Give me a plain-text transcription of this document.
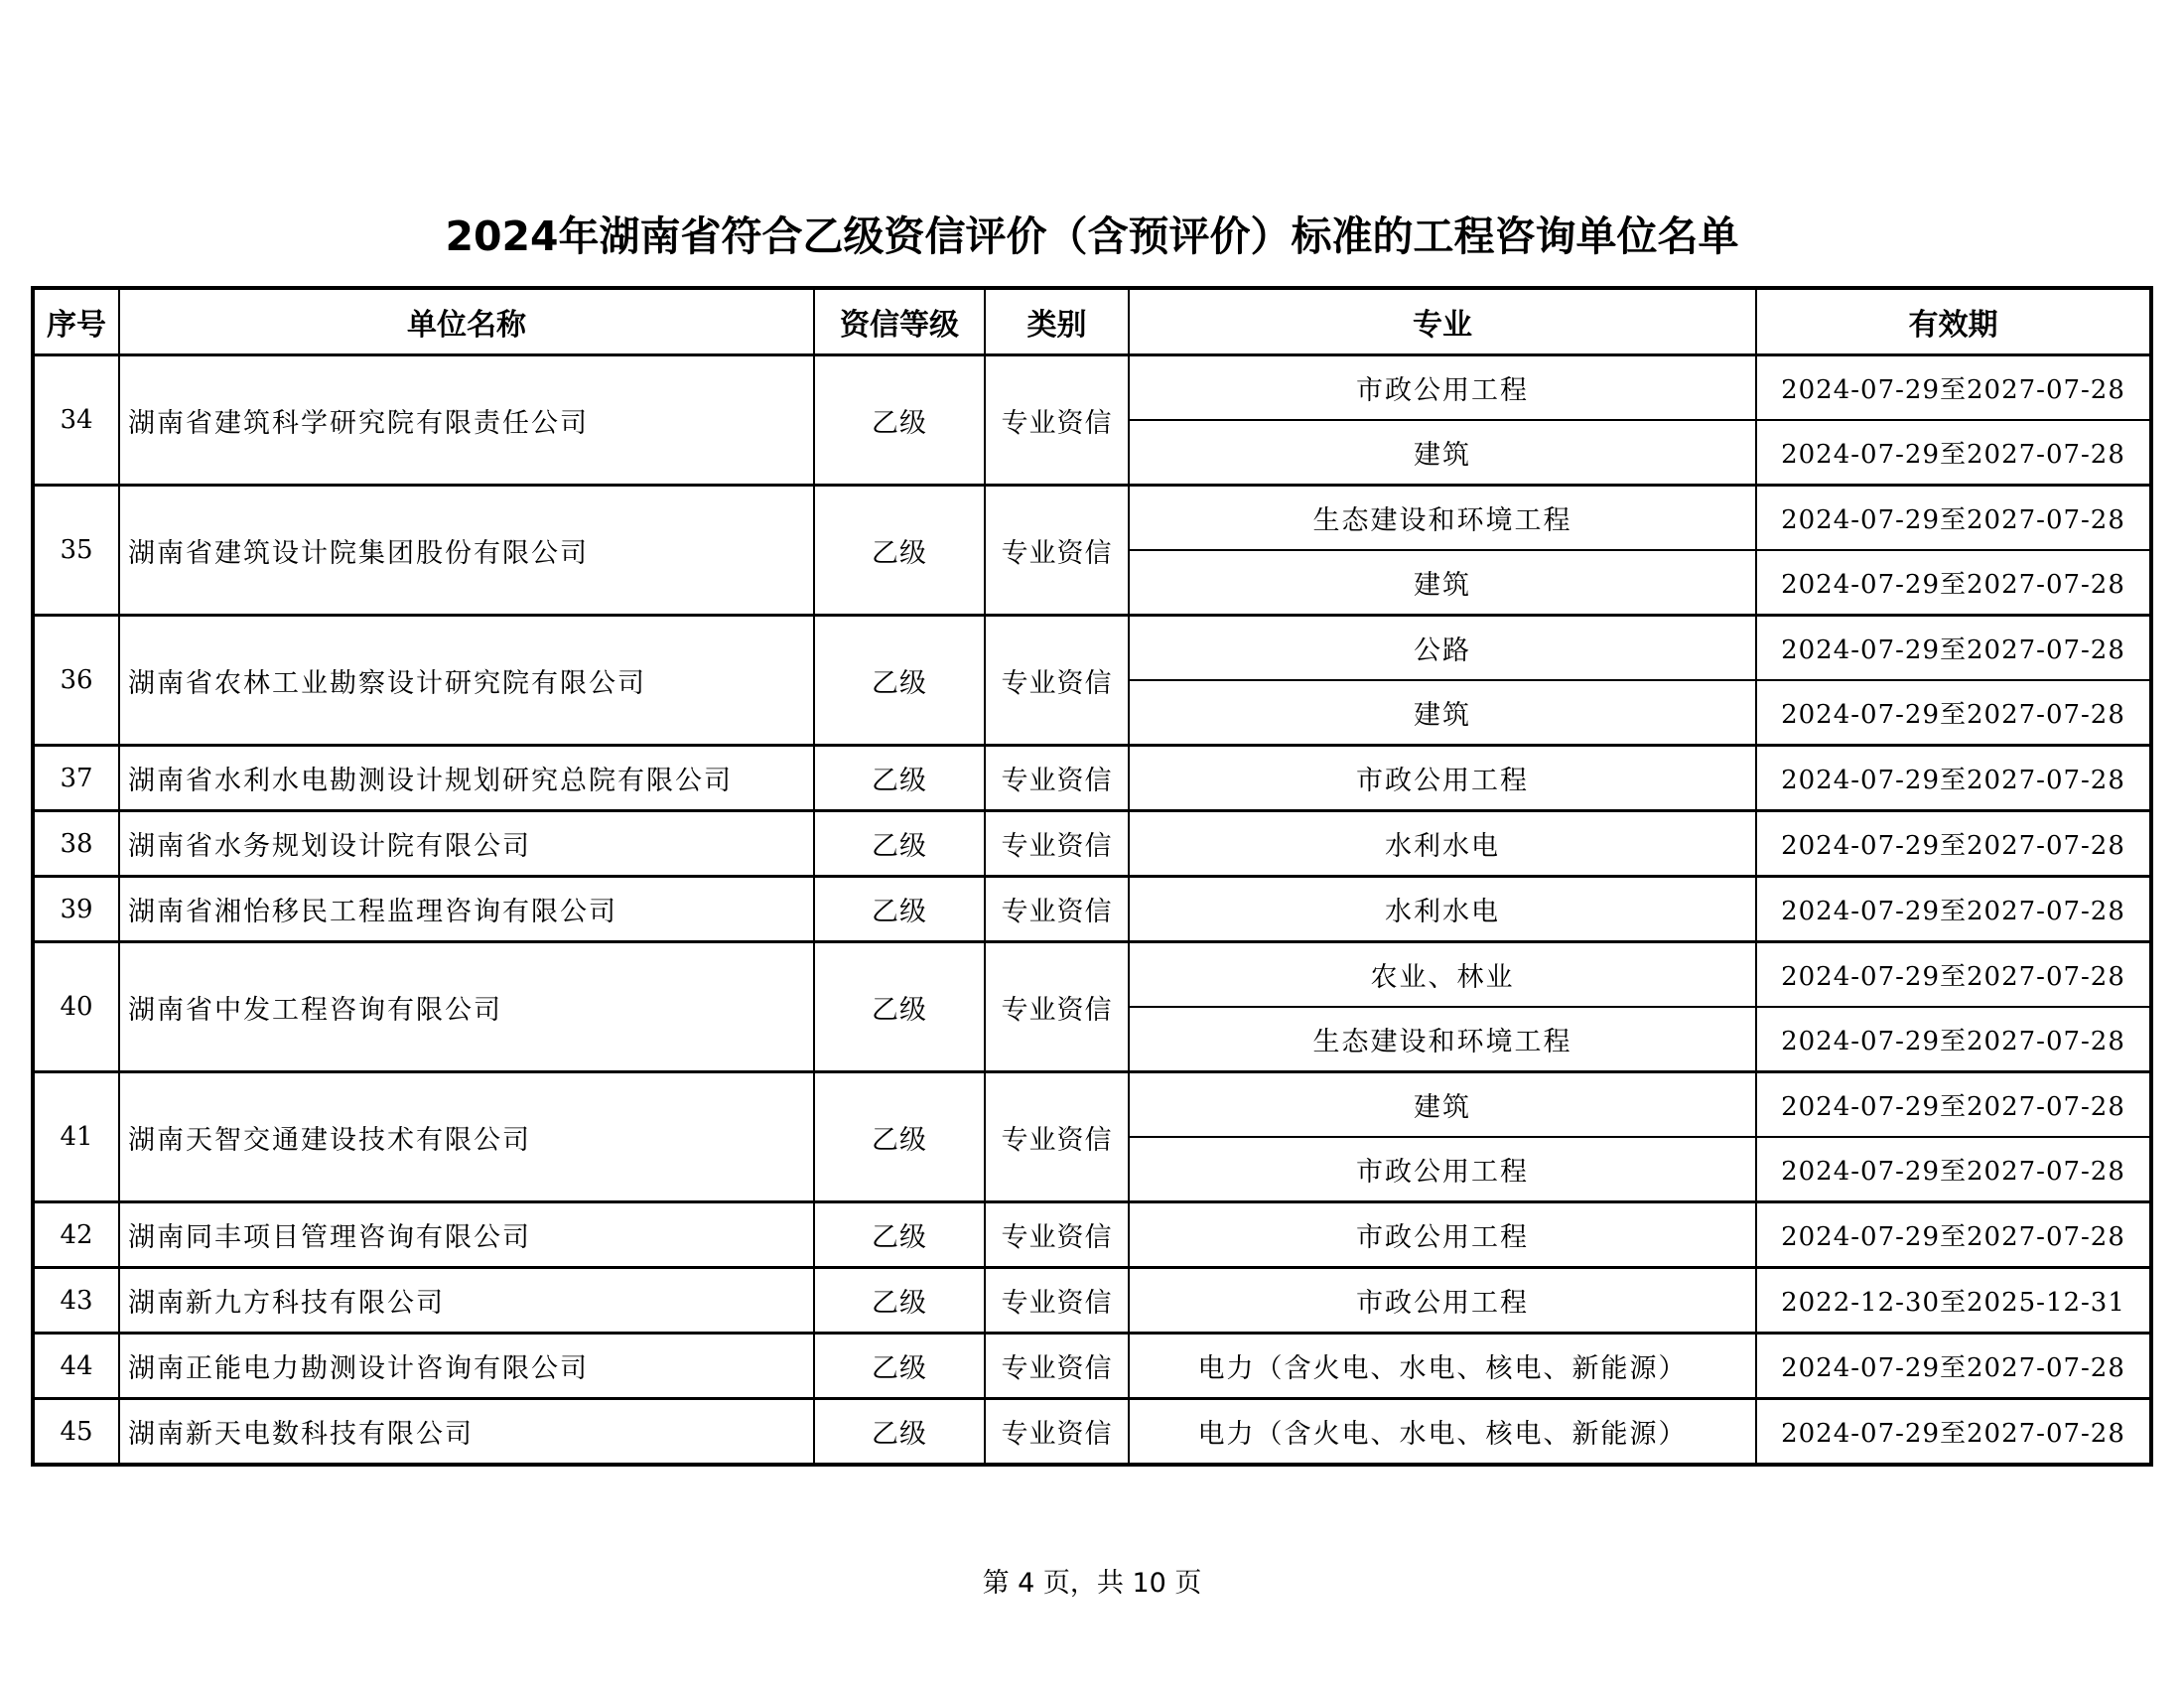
2024年湖南省符合乙级资信评价（含预评价）标准的工程咨询单位名单
序号	单位名称	资信等级	类别	专业	有效期
34	湖南省建筑科学研究院有限责任公司	乙级	专业资信	市政公用工程	2024-07-29至2027-07-28
				建筑	2024-07-29至2027-07-28
35	湖南省建筑设计院集团股份有限公司	乙级	专业资信	生态建设和环境工程	2024-07-29至2027-07-28
				建筑	2024-07-29至2027-07-28
36	湖南省农林工业勘察设计研究院有限公司	乙级	专业资信	公路	2024-07-29至2027-07-28
				建筑	2024-07-29至2027-07-28
37	湖南省水利水电勘测设计规划研究总院有限公司	乙级	专业资信	市政公用工程	2024-07-29至2027-07-28
38	湖南省水务规划设计院有限公司	乙级	专业资信	水利水电	2024-07-29至2027-07-28
39	湖南省湘怡移民工程监理咨询有限公司	乙级	专业资信	水利水电	2024-07-29至2027-07-28
40	湖南省中发工程咨询有限公司	乙级	专业资信	农业、林业	2024-07-29至2027-07-28
				生态建设和环境工程	2024-07-29至2027-07-28
41	湖南天智交通建设技术有限公司	乙级	专业资信	建筑	2024-07-29至2027-07-28
				市政公用工程	2024-07-29至2027-07-28
42	湖南同丰项目管理咨询有限公司	乙级	专业资信	市政公用工程	2024-07-29至2027-07-28
43	湖南新九方科技有限公司	乙级	专业资信	市政公用工程	2022-12-30至2025-12-31
44	湖南正能电力勘测设计咨询有限公司	乙级	专业资信	电力（含火电、水电、核电、新能源）	2024-07-29至2027-07-28
45	湖南新天电数科技有限公司	乙级	专业资信	电力（含火电、水电、核电、新能源）	2024-07-29至2027-07-28
第 4 页，共 10 页
